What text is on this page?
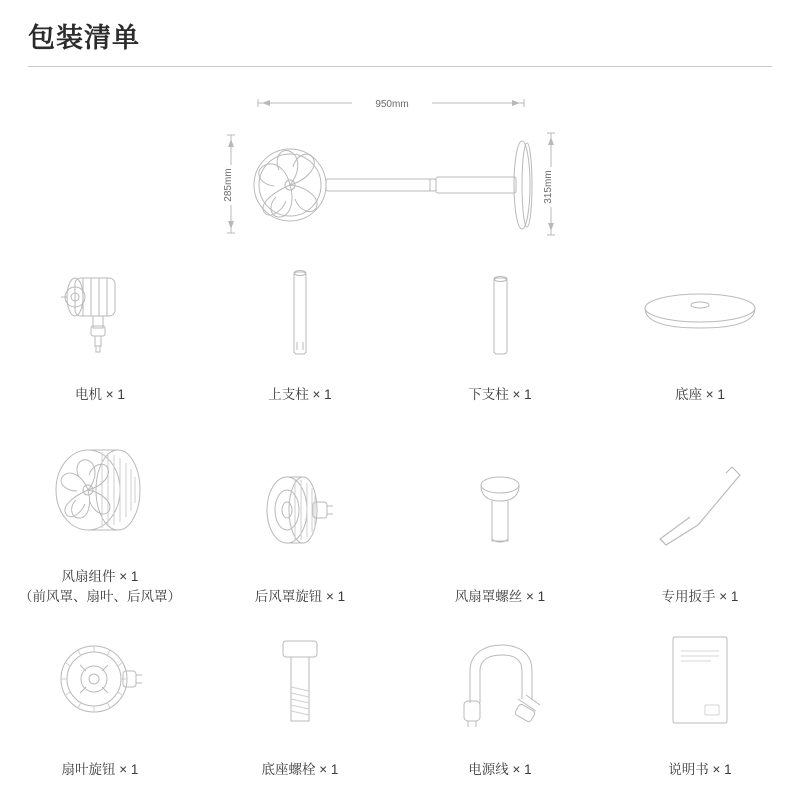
包装清单
950mm
285mm	315mm
电机 × 1	上支柱 × 1	下支柱 × 1	底座 × 1
风扇组件 × 1
（前风罩、扇叶、后风罩）	后风罩旋钮 × 1	风扇罩螺丝 × 1	专用扳手 × 1
扇叶旋钮 × 1	底座螺栓 × 1	电源线 × 1	说明书 × 1
